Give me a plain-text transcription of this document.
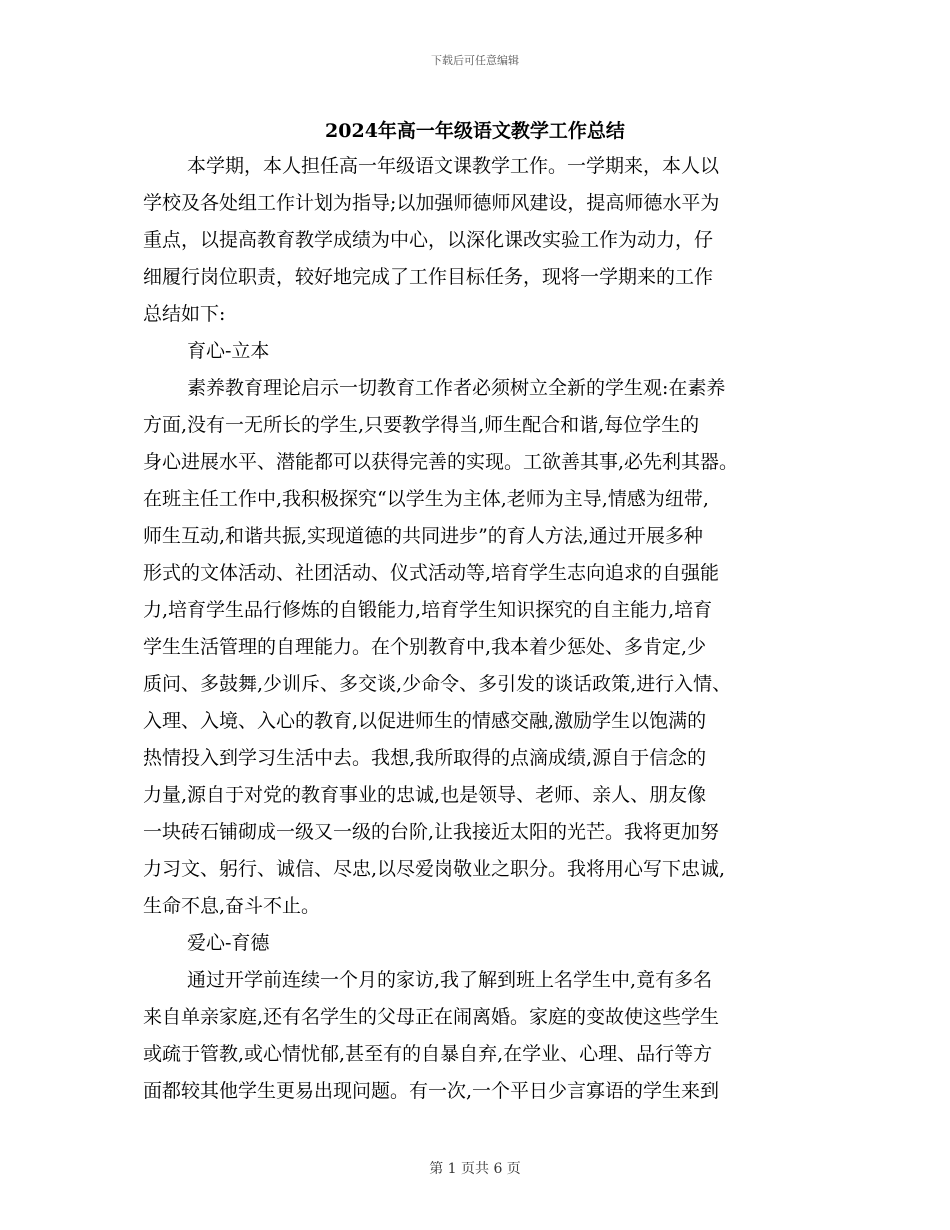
下载后可任意编辑
2024年高一年级语文教学工作总结
本学期，本人担任高一年级语文课教学工作。一学期来，本人以
学校及各处组工作计划为指导;以加强师德师风建设，提高师德水平为
重点，以提高教育教学成绩为中心，以深化课改实验工作为动力，仔
细履行岗位职责，较好地完成了工作目标任务，现将一学期来的工作
总结如下:
育心-立本
素养教育理论启示一切教育工作者必须树立全新的学生观:在素养
方面,没有一无所长的学生,只要教学得当,师生配合和谐,每位学生的
身心进展水平、潜能都可以获得完善的实现。工欲善其事,必先利其器。
在班主任工作中,我积极探究“以学生为主体,老师为主导,情感为纽带,
师生互动,和谐共振,实现道德的共同进步”的育人方法,通过开展多种
形式的文体活动、社团活动、仪式活动等,培育学生志向追求的自强能
力,培育学生品行修炼的自锻能力,培育学生知识探究的自主能力,培育
学生生活管理的自理能力。在个别教育中,我本着少惩处、多肯定,少
质问、多鼓舞,少训斥、多交谈,少命令、多引发的谈话政策,进行入情、
入理、入境、入心的教育,以促进师生的情感交融,激励学生以饱满的
热情投入到学习生活中去。我想,我所取得的点滴成绩,源自于信念的
力量,源自于对党的教育事业的忠诚,也是领导、老师、亲人、朋友像
一块砖石铺砌成一级又一级的台阶,让我接近太阳的光芒。我将更加努
力习文、躬行、诚信、尽忠,以尽爱岗敬业之职分。我将用心写下忠诚,
生命不息,奋斗不止。
爱心-育德
通过开学前连续一个月的家访,我了解到班上名学生中,竟有多名
来自单亲家庭,还有名学生的父母正在闹离婚。家庭的变故使这些学生
或疏于管教,或心情忧郁,甚至有的自暴自弃,在学业、心理、品行等方
面都较其他学生更易出现问题。有一次,一个平日少言寡语的学生来到
第 1 页共 6 页
